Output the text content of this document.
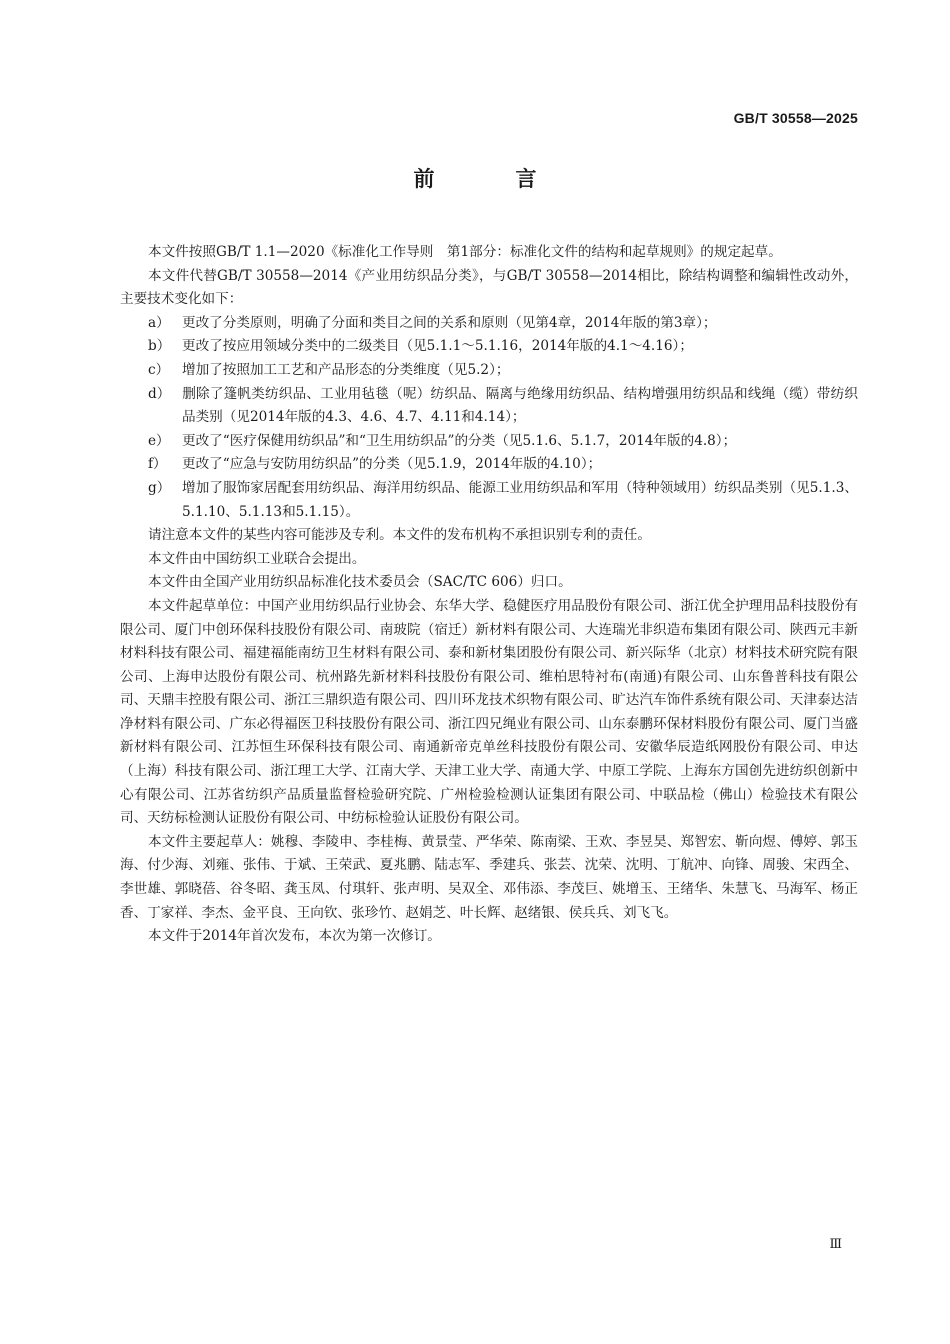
GB/T 30558—2025
前　言

本文件按照GB/T 1.1—2020《标准化工作导则　第1部分：标准化文件的结构和起草规则》的规定起草。

本文件代替GB/T 30558—2014《产业用纺织品分类》，与GB/T 30558—2014相比，除结构调整和编辑性改动外，主要技术变化如下：

a） 更改了分类原则，明确了分面和类目之间的关系和原则（见第4章，2014年版的第3章）；

b） 更改了按应用领域分类中的二级类目（见5.1.1～5.1.16，2014年版的4.1～4.16）；

c） 增加了按照加工工艺和产品形态的分类维度（见5.2）；

d） 删除了篷帆类纺织品、工业用毡毯（呢）纺织品、隔离与绝缘用纺织品、结构增强用纺织品和线绳（缆）带纺织品类别（见2014年版的4.3、4.6、4.7、4.11和4.14）；

e） 更改了“医疗保健用纺织品”和“卫生用纺织品”的分类（见5.1.6、5.1.7，2014年版的4.8）；

f） 更改了“应急与安防用纺织品”的分类（见5.1.9，2014年版的4.10）；

g） 增加了服饰家居配套用纺织品、海洋用纺织品、能源工业用纺织品和军用（特种领域用）纺织品类别（见5.1.3、5.1.10、5.1.13和5.1.15）。

请注意本文件的某些内容可能涉及专利。本文件的发布机构不承担识别专利的责任。

本文件由中国纺织工业联合会提出。

本文件由全国产业用纺织品标准化技术委员会（SAC/TC 606）归口。

本文件起草单位：中国产业用纺织品行业协会、东华大学、稳健医疗用品股份有限公司、浙江优全护理用品科技股份有限公司、厦门中创环保科技股份有限公司、南玻院（宿迁）新材料有限公司、大连瑞光非织造布集团有限公司、陕西元丰新材料科技有限公司、福建福能南纺卫生材料有限公司、泰和新材集团股份有限公司、新兴际华（北京）材料技术研究院有限公司、上海申达股份有限公司、杭州路先新材料科技股份有限公司、维柏思特衬布(南通)有限公司、山东鲁普科技有限公司、天鼎丰控股有限公司、浙江三鼎织造有限公司、四川环龙技术织物有限公司、旷达汽车饰件系统有限公司、天津泰达洁净材料有限公司、广东必得福医卫科技股份有限公司、浙江四兄绳业有限公司、山东泰鹏环保材料股份有限公司、厦门当盛新材料有限公司、江苏恒生环保科技有限公司、南通新帝克单丝科技股份有限公司、安徽华辰造纸网股份有限公司、申达（上海）科技有限公司、浙江理工大学、江南大学、天津工业大学、南通大学、中原工学院、上海东方国创先进纺织创新中心有限公司、江苏省纺织产品质量监督检验研究院、广州检验检测认证集团有限公司、中联品检（佛山）检验技术有限公司、天纺标检测认证股份有限公司、中纺标检验认证股份有限公司。

本文件主要起草人：姚穆、李陵申、李桂梅、黄景莹、严华荣、陈南梁、王欢、李昱昊、郑智宏、靳向煜、傅婷、郭玉海、付少海、刘雍、张伟、于斌、王荣武、夏兆鹏、陆志军、季建兵、张芸、沈荣、沈明、丁航冲、向锋、周骏、宋西全、李世雄、郭晓蓓、谷冬昭、龚玉凤、付琪轩、张声明、吴双全、邓伟添、李茂巨、姚增玉、王绪华、朱慧飞、马海军、杨正香、丁家祥、李杰、金平良、王向钦、张珍竹、赵娟芝、叶长辉、赵绪银、侯兵兵、刘飞飞。

本文件于2014年首次发布，本次为第一次修订。

Ⅲ
